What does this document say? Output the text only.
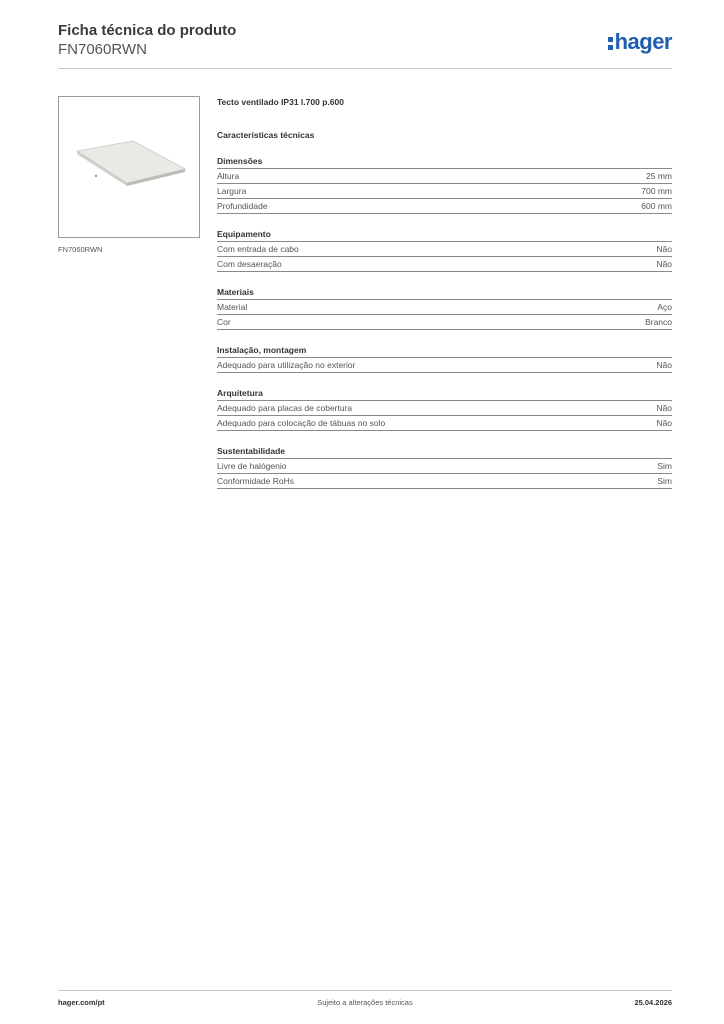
Ficha técnica do produto
FN7060RWN	hager
FN7060RWN
Tecto ventilado IP31 l.700 p.600
Características técnicas
Dimensões
Altura	25 mm
Largura	700 mm
Profundidade	600 mm
Equipamento
Com entrada de cabo	Não
Com desaeração	Não
Materiais
Material	Aço
Cor	Branco
Instalação, montagem
Adequado para utilização no exterior	Não
Arquitetura
Adequado para placas de cobertura	Não
Adequado para colocação de tábuas no solo	Não
Sustentabilidade
Livre de halógenio	Sim
Conformidade RoHs	Sim
Sujeito a alterações técnicas
hager.com/pt	25.04.2026
